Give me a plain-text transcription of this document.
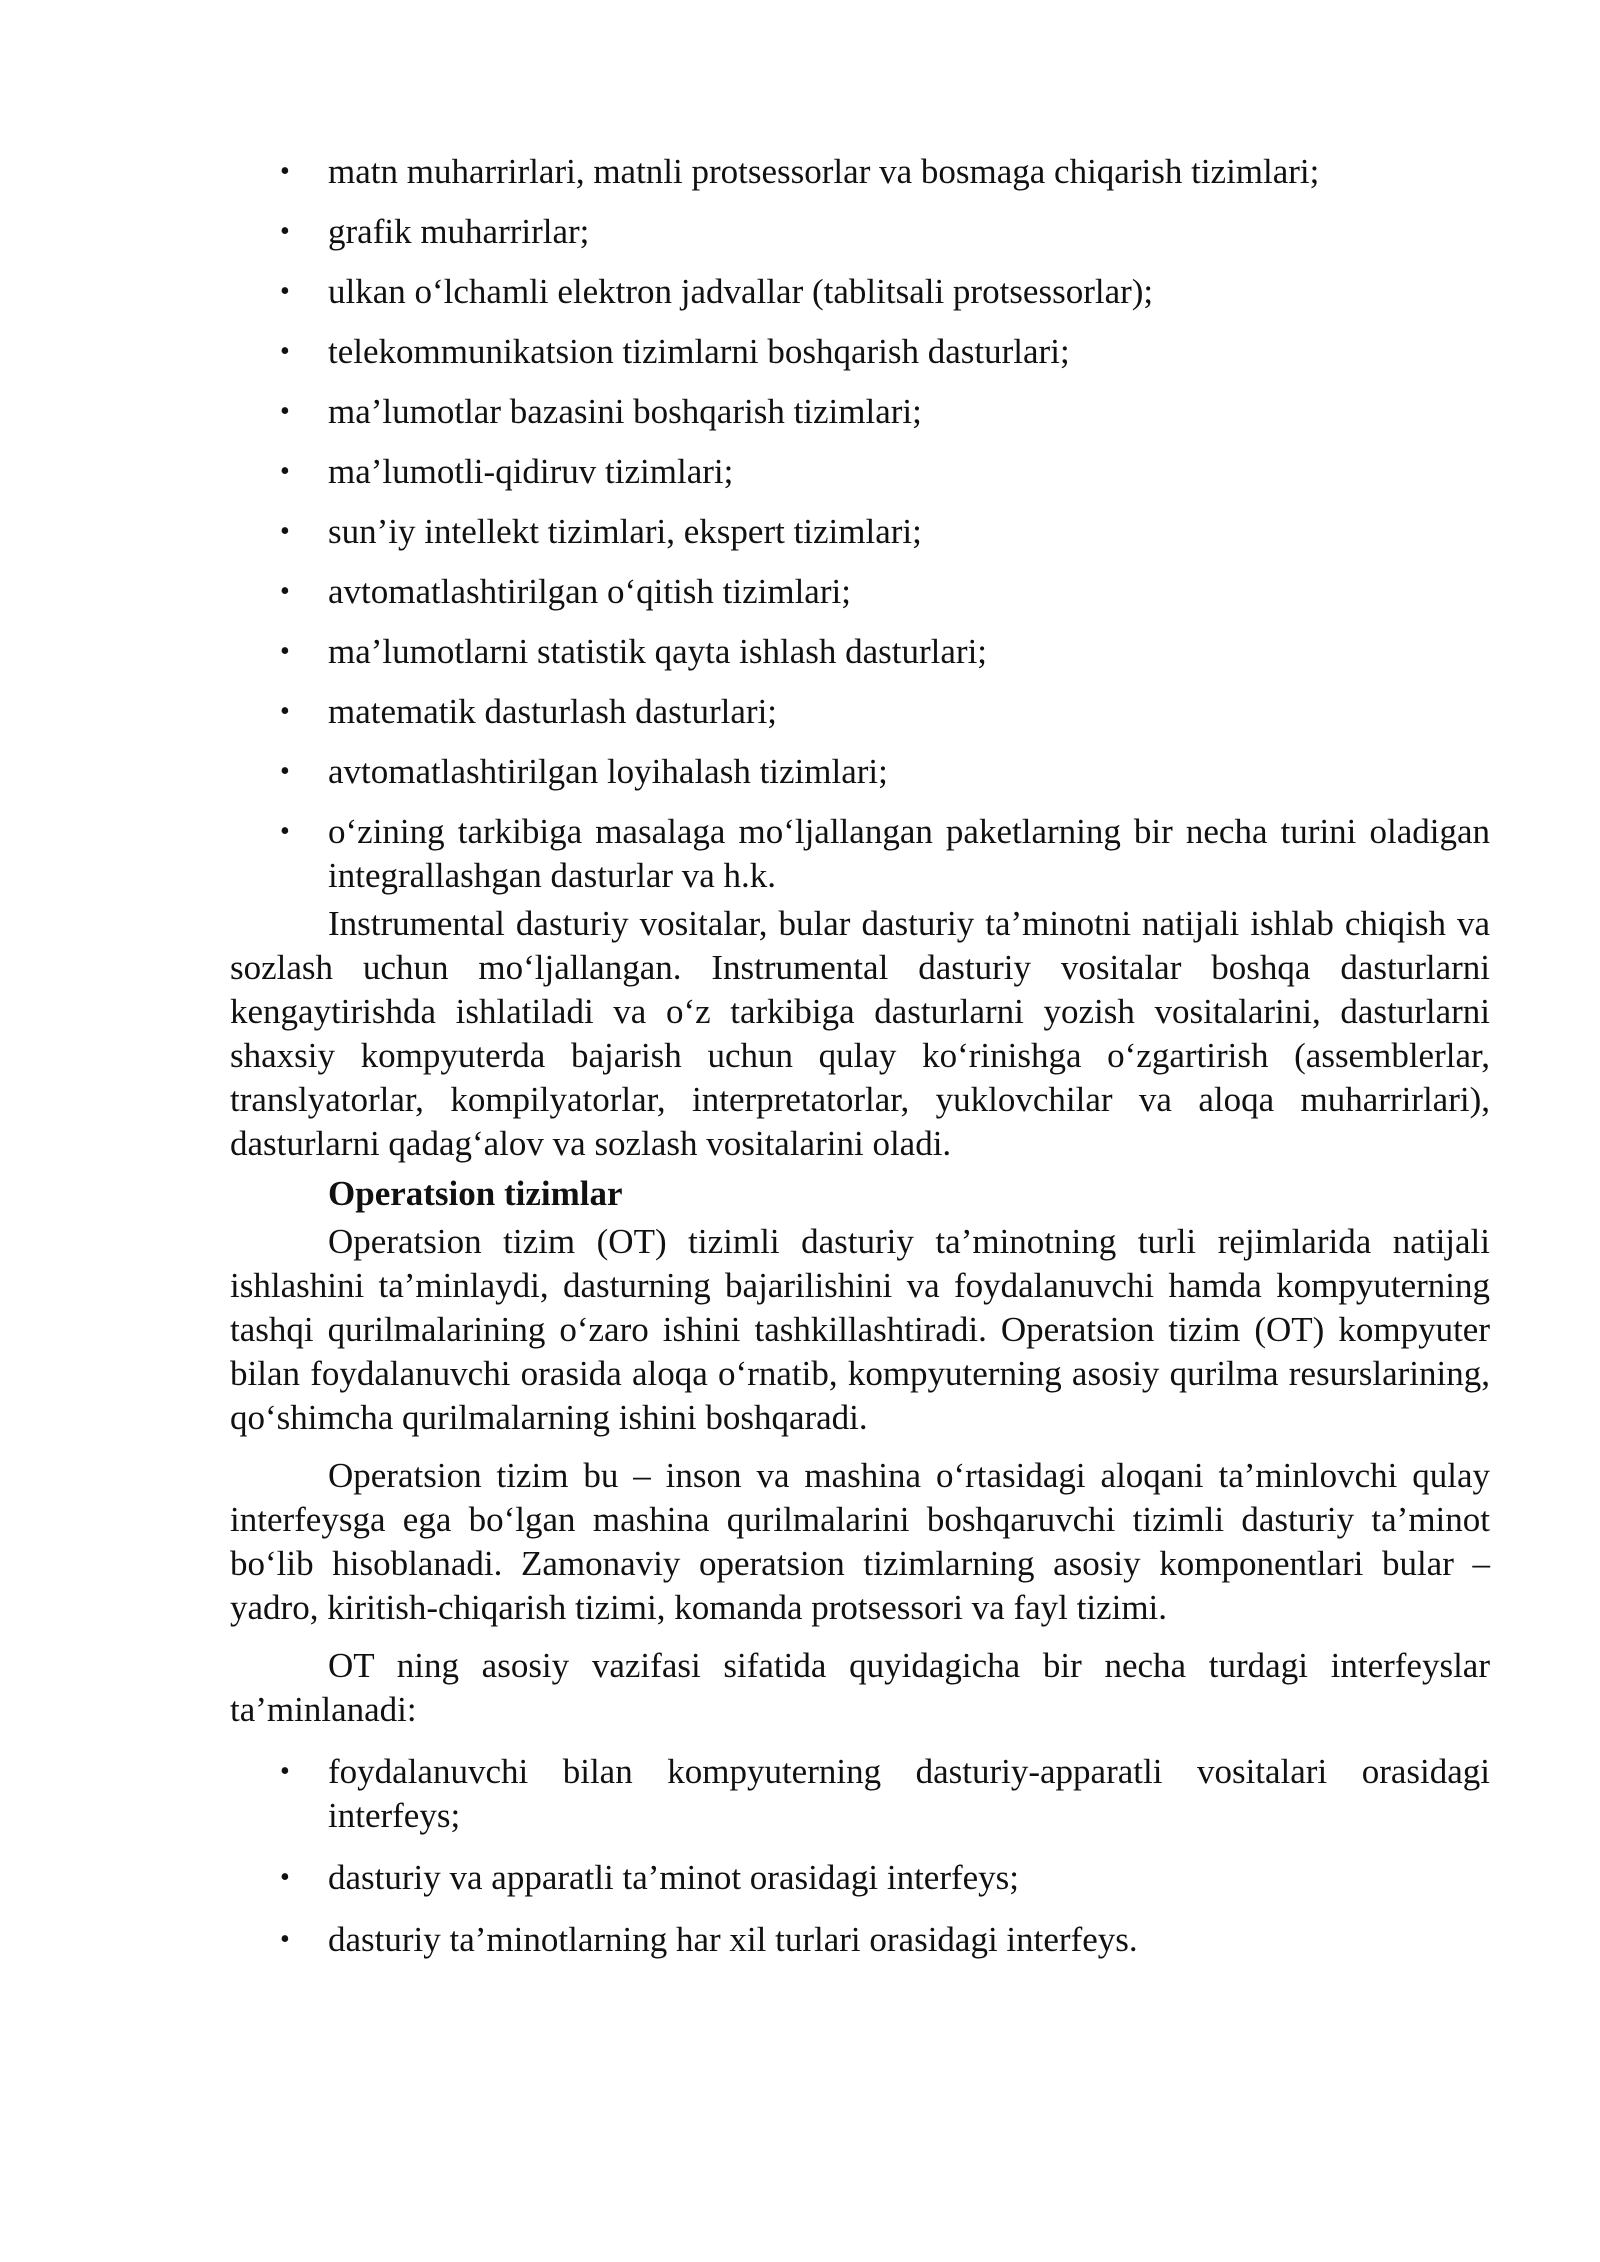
• matn muharrirlari, matnli protsessorlar va bosmaga chiqarish tizimlari;
• grafik muharrirlar;
• ulkan o‘lchamli elektron jadvallar (tablitsali protsessorlar);
• telekommunikatsion tizimlarni boshqarish dasturlari;
• ma’lumotlar bazasini boshqarish tizimlari;
• ma’lumotli-qidiruv tizimlari;
• sun’iy intellekt tizimlari, ekspert tizimlari;
• avtomatlashtirilgan o‘qitish tizimlari;
• ma’lumotlarni statistik qayta ishlash dasturlari;
• matematik dasturlash dasturlari;
• avtomatlashtirilgan loyihalash tizimlari;
• o‘zining tarkibiga masalaga mo‘ljallangan paketlarning bir necha turini oladigan integrallashgan dasturlar va h.k.

Instrumental dasturiy vositalar, bular dasturiy ta’minotni natijali ishlab chiqish va sozlash uchun mo‘ljallangan. Instrumental dasturiy vositalar boshqa dasturlarni kengaytirishda ishlatiladi va o‘z tarkibiga dasturlarni yozish vositalarini, dasturlarni shaxsiy kompyuterda bajarish uchun qulay ko‘rinishga o‘zgartirish (assemblerlar, translyatorlar, kompilyatorlar, interpretatorlar, yuklovchilar va aloqa muharrirlari), dasturlarni qadag‘alov va sozlash vositalarini oladi.

Operatsion tizimlar

Operatsion tizim (OT) tizimli dasturiy ta’minotning turli rejimlarida natijali ishlashini ta’minlaydi, dasturning bajarilishini va foydalanuvchi hamda kompyuterning tashqi qurilmalarining o‘zaro ishini tashkillashtiradi. Operatsion tizim (OT) kompyuter bilan foydalanuvchi orasida aloqa o‘rnatib, kompyuterning asosiy qurilma resurslarining, qo‘shimcha qurilmalarning ishini boshqaradi.

Operatsion tizim bu – inson va mashina o‘rtasidagi aloqani ta’minlovchi qulay interfeysga ega bo‘lgan mashina qurilmalarini boshqaruvchi tizimli dasturiy ta’minot bo‘lib hisoblanadi. Zamonaviy operatsion tizimlarning asosiy komponentlari bular – yadro, kiritish-chiqarish tizimi, komanda protsessori va fayl tizimi.

OT ning asosiy vazifasi sifatida quyidagicha bir necha turdagi interfeyslar ta’minlanadi:

• foydalanuvchi bilan kompyuterning dasturiy-apparatli vositalari orasidagi interfeys;
• dasturiy va apparatli ta’minot orasidagi interfeys;
• dasturiy ta’minotlarning har xil turlari orasidagi interfeys.
